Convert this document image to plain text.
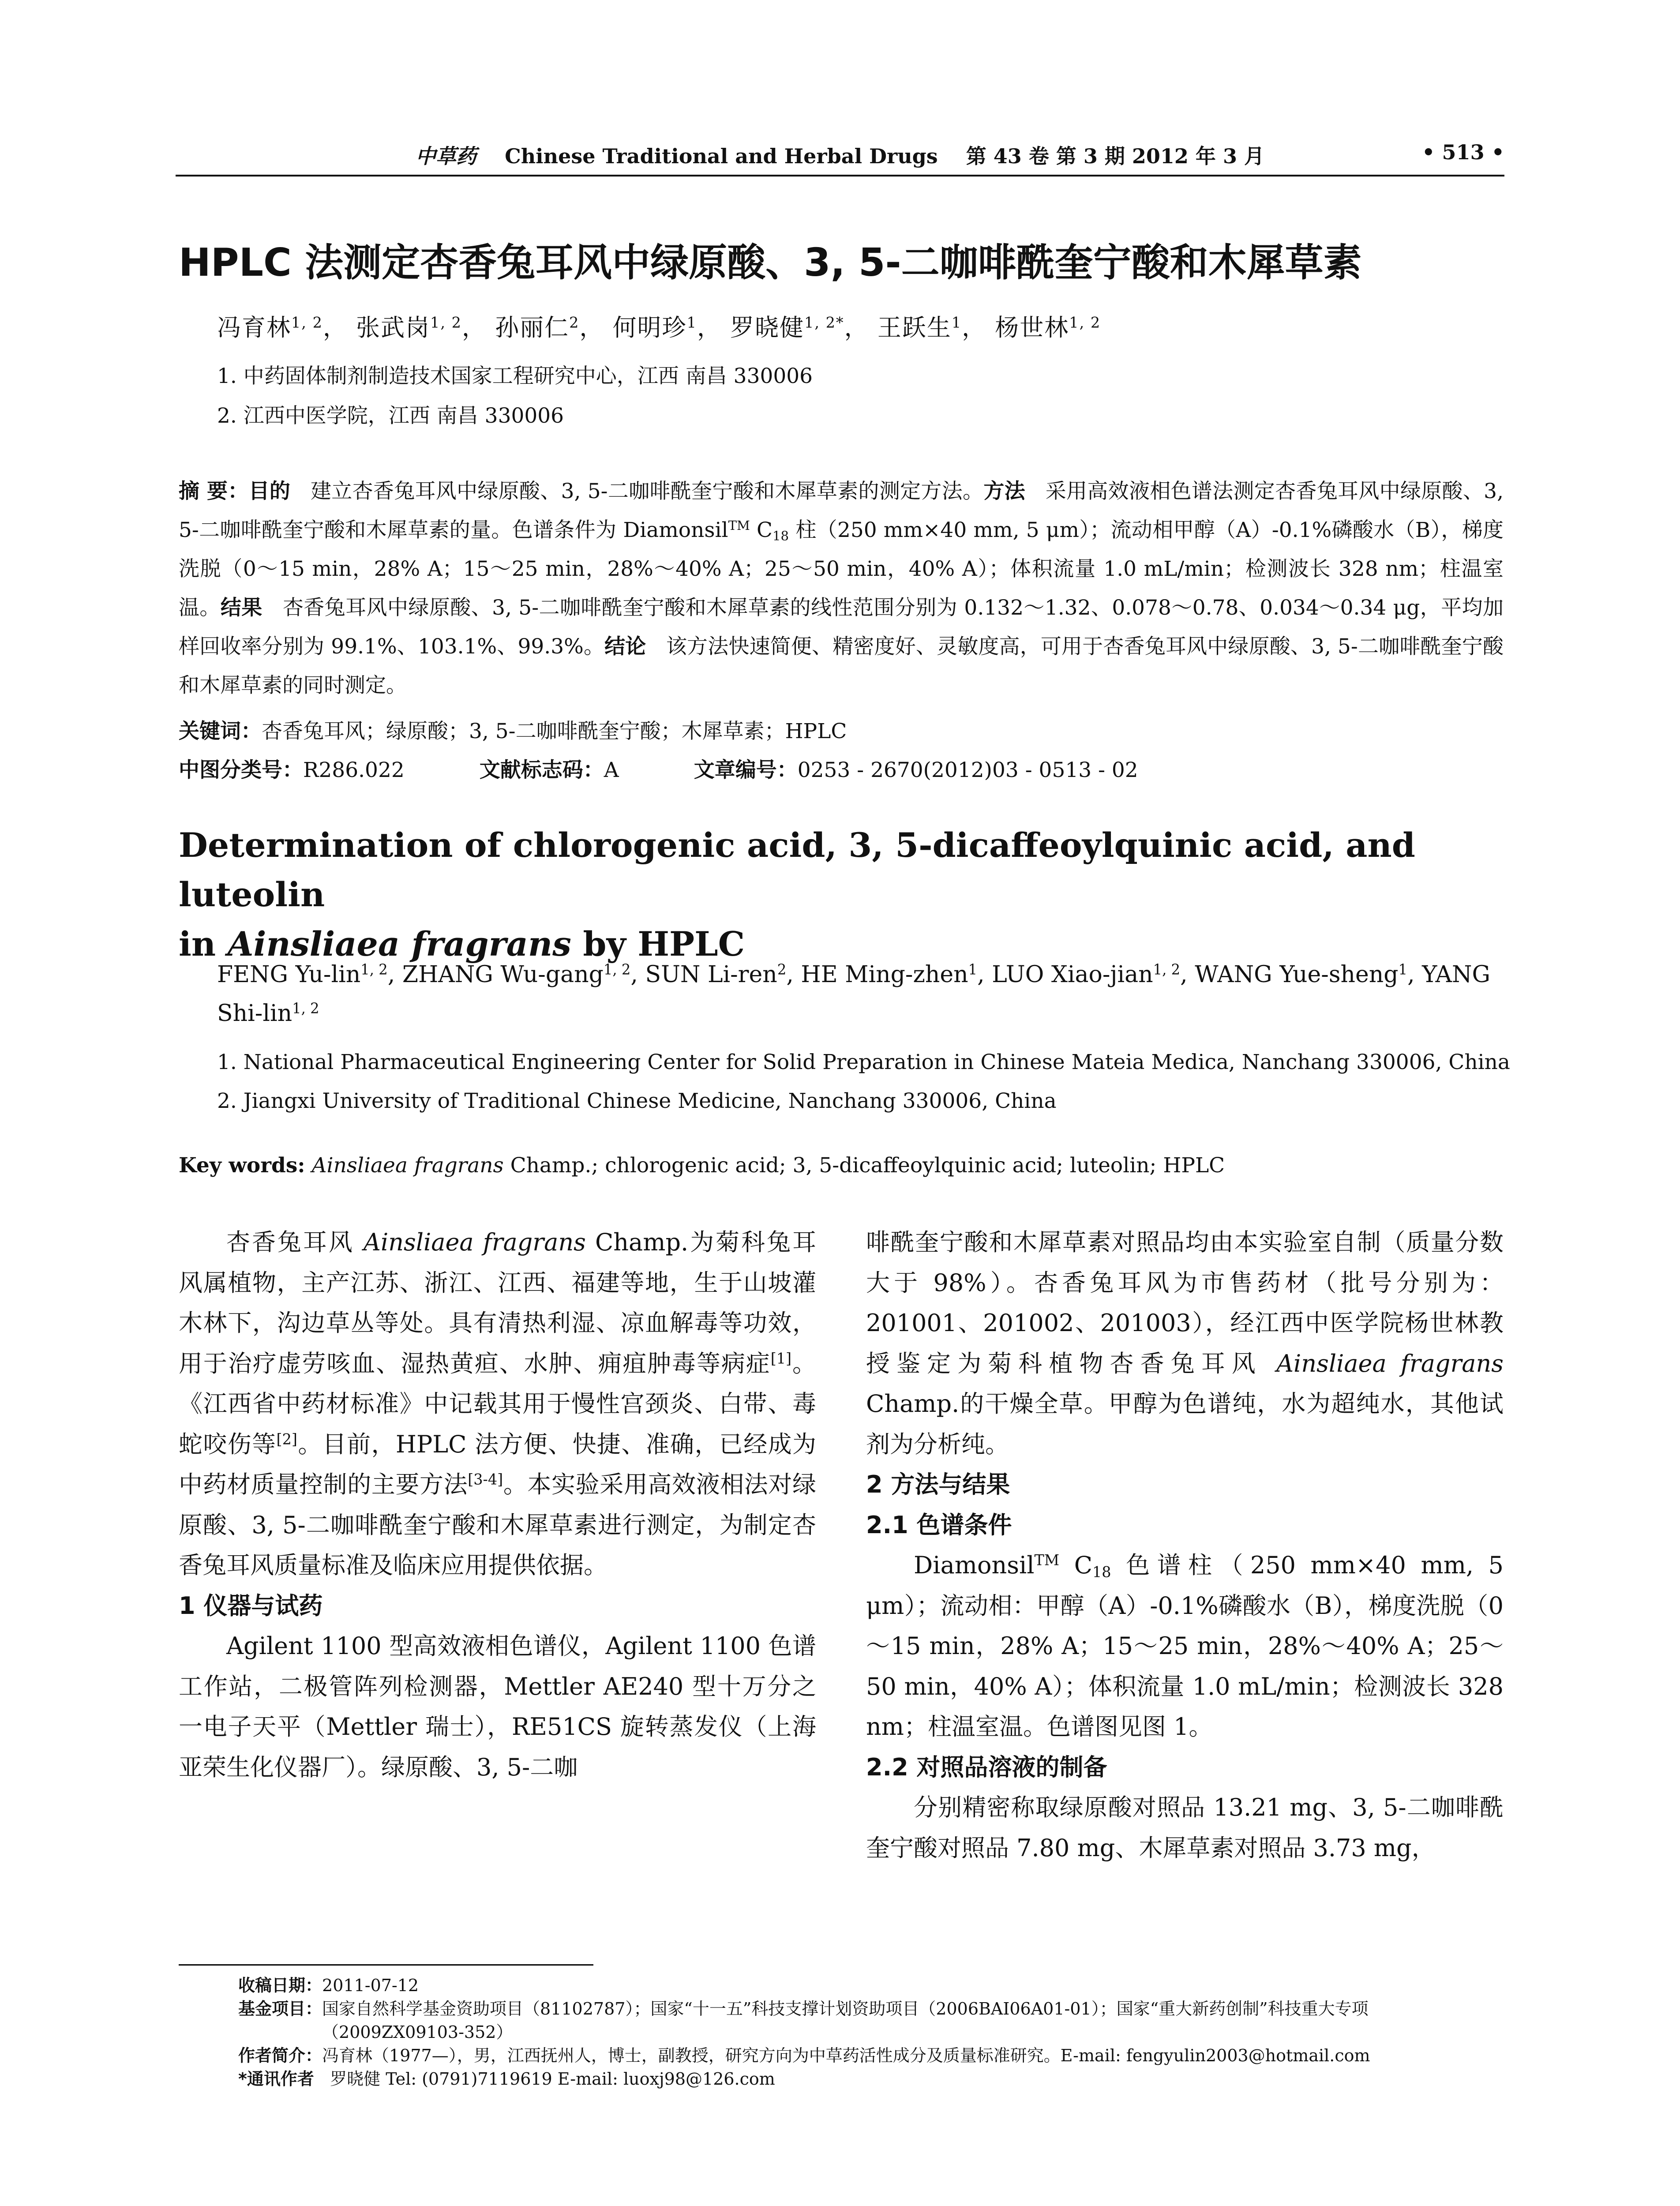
中草药 Chinese Traditional and Herbal Drugs 第 43 卷 第 3 期 2012 年 3 月	• 513 •
HPLC 法测定杏香兔耳风中绿原酸、3, 5-二咖啡酰奎宁酸和木犀草素
冯育林$^{1, 2}$， 张武岗$^{1, 2}$， 孙丽仁$^2$， 何明珍$^1$， 罗晓健$^{1, 2*}$， 王跃生$^1$， 杨世林$^{1, 2}$
1. 中药固体制剂制造技术国家工程研究中心，江西 南昌 330006
2. 江西中医学院，江西 南昌 330006
摘 要：目的 建立杏香兔耳风中绿原酸、3, 5-二咖啡酰奎宁酸和木犀草素的测定方法。方法 采用高效液相色谱法测定杏香兔耳风中绿原酸、3, 5-二咖啡酰奎宁酸和木犀草素的量。色谱条件为 Diamonsil™ $C_{18}$ 柱（250 mm×40 mm, 5 μm）；流动相甲醇（A）-0.1%磷酸水（B），梯度洗脱（0～15 min，28% A；15～25 min，28%～40% A；25～50 min，40% A）；体积流量 1.0 mL/min；检测波长 328 nm；柱温室温。结果 杏香兔耳风中绿原酸、3, 5-二咖啡酰奎宁酸和木犀草素的线性范围分别为 0.132～1.32、0.078～0.78、0.034～0.34 μg，平均加样回收率分别为 99.1%、103.1%、99.3%。结论 该方法快速简便、精密度好、灵敏度高，可用于杏香兔耳风中绿原酸、3, 5-二咖啡酰奎宁酸和木犀草素的同时测定。
关键词：杏香兔耳风；绿原酸；3, 5-二咖啡酰奎宁酸；木犀草素；HPLC
中图分类号：R286.022	文献标志码：A	文章编号：0253 - 2670(2012)03 - 0513 - 02
Determination of chlorogenic acid, 3, 5-dicaffeoylquinic acid, and luteolin
in Ainsliaea fragrans by HPLC
FENG Yu-lin$^{1, 2}$, ZHANG Wu-gang$^{1, 2}$, SUN Li-ren$^2$, HE Ming-zhen$^1$, LUO Xiao-jian$^{1, 2}$, WANG Yue-sheng$^1$, YANG Shi-lin$^{1, 2}$
1. National Pharmaceutical Engineering Center for Solid Preparation in Chinese Mateia Medica, Nanchang 330006, China
2. Jiangxi University of Traditional Chinese Medicine, Nanchang 330006, China
Key words: Ainsliaea fragrans Champ.; chlorogenic acid; 3, 5-dicaffeoylquinic acid; luteolin; HPLC

杏香兔耳风 Ainsliaea fragrans Champ.为菊科兔耳风属植物，主产江苏、浙江、江西、福建等地，生于山坡灌木林下，沟边草丛等处。具有清热利湿、凉血解毒等功效，用于治疗虚劳咳血、湿热黄疸、水肿、痈疽肿毒等病症[1]。《江西省中药材标准》中记载其用于慢性宫颈炎、白带、毒蛇咬伤等[2]。目前，HPLC 法方便、快捷、准确，已经成为中药材质量控制的主要方法[3-4]。本实验采用高效液相法对绿原酸、3, 5-二咖啡酰奎宁酸和木犀草素进行测定，为制定杏香兔耳风质量标准及临床应用提供依据。

1 仪器与试药

Agilent 1100 型高效液相色谱仪，Agilent 1100 色谱工作站，二极管阵列检测器，Mettler AE240 型十万分之一电子天平（Mettler 瑞士），RE51CS 旋转蒸发仪（上海亚荣生化仪器厂）。绿原酸、3, 5-二咖

啡酰奎宁酸和木犀草素对照品均由本实验室自制（质量分数大于 98%）。杏香兔耳风为市售药材（批号分别为：201001、201002、201003），经江西中医学院杨世林教授鉴定为菊科植物杏香兔耳风 Ainsliaea fragrans Champ.的干燥全草。甲醇为色谱纯，水为超纯水，其他试剂为分析纯。

2 方法与结果
2.1 色谱条件

Diamonsil™ $C_{18}$ 色谱柱（250 mm×40 mm, 5 μm）；流动相：甲醇（A）-0.1%磷酸水（B），梯度洗脱（0～15 min，28% A；15～25 min，28%～40% A；25～50 min，40% A）；体积流量 1.0 mL/min；检测波长 328 nm；柱温室温。色谱图见图 1。

2.2 对照品溶液的制备

分别精密称取绿原酸对照品 13.21 mg、3, 5-二咖啡酰奎宁酸对照品 7.80 mg、木犀草素对照品 3.73 mg，

收稿日期： 2011-07-12
基金项目： 国家自然科学基金资助项目（81102787）；国家“十一五”科技支撑计划资助项目（2006BAI06A01-01）；国家“重大新药创制”科技重大专项（2009ZX09103-352）
作者简介： 冯育林（1977—），男，江西抚州人，博士，副教授，研究方向为中草药活性成分及质量标准研究。E-mail: fengyulin2003@hotmail.com
*通讯作者
罗晓健 Tel: (0791)7119619 E-mail: luoxj98@126.com
